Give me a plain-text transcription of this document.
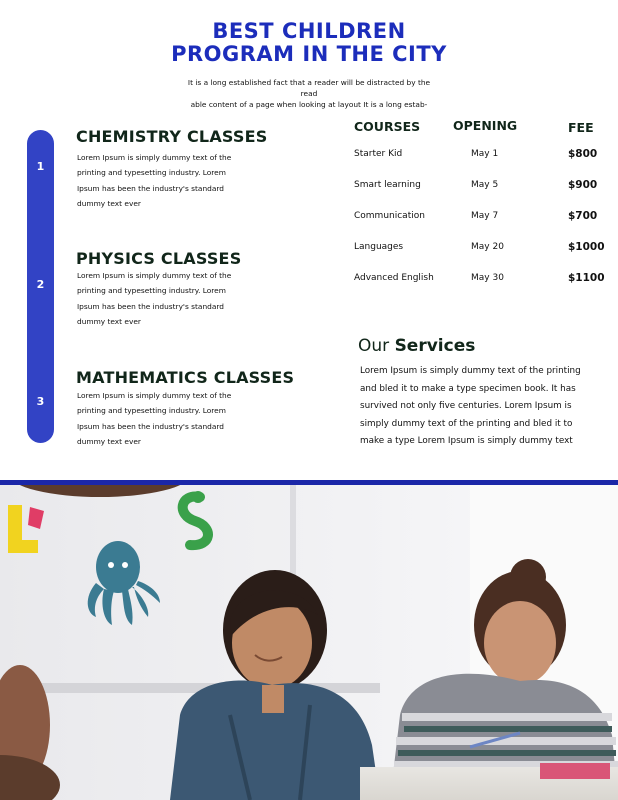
BEST CHILDREN
PROGRAM IN THE CITY
It is a long established fact that a reader will be distracted by the
read
able content of a page when looking at layout It is a long estab-
1
2
3
CHEMISTRY CLASSES
Lorem Ipsum is simply dummy text of the
printing and typesetting industry. Lorem
Ipsum has been the industry's standard
dummy text ever
PHYSICS CLASSES
Lorem Ipsum is simply dummy text of the
printing and typesetting industry. Lorem
Ipsum has been the industry's standard
dummy text ever
MATHEMATICS CLASSES
Lorem Ipsum is simply dummy text of the
printing and typesetting industry. Lorem
Ipsum has been the industry's standard
dummy text ever
COURSES	OPENING	FEE
Starter Kid	May 1	$800
Smart learning	May 5	$900
Communication	May 7	$700
Languages	May 20	$1000
Advanced English	May 30	$1100
Our Services
Lorem Ipsum is simply dummy text of the printing
and bled it to make a type specimen book. It has
survived not only five centuries. Lorem Ipsum is
simply dummy text of the printing and bled it to
make a type Lorem Ipsum is simply dummy text
